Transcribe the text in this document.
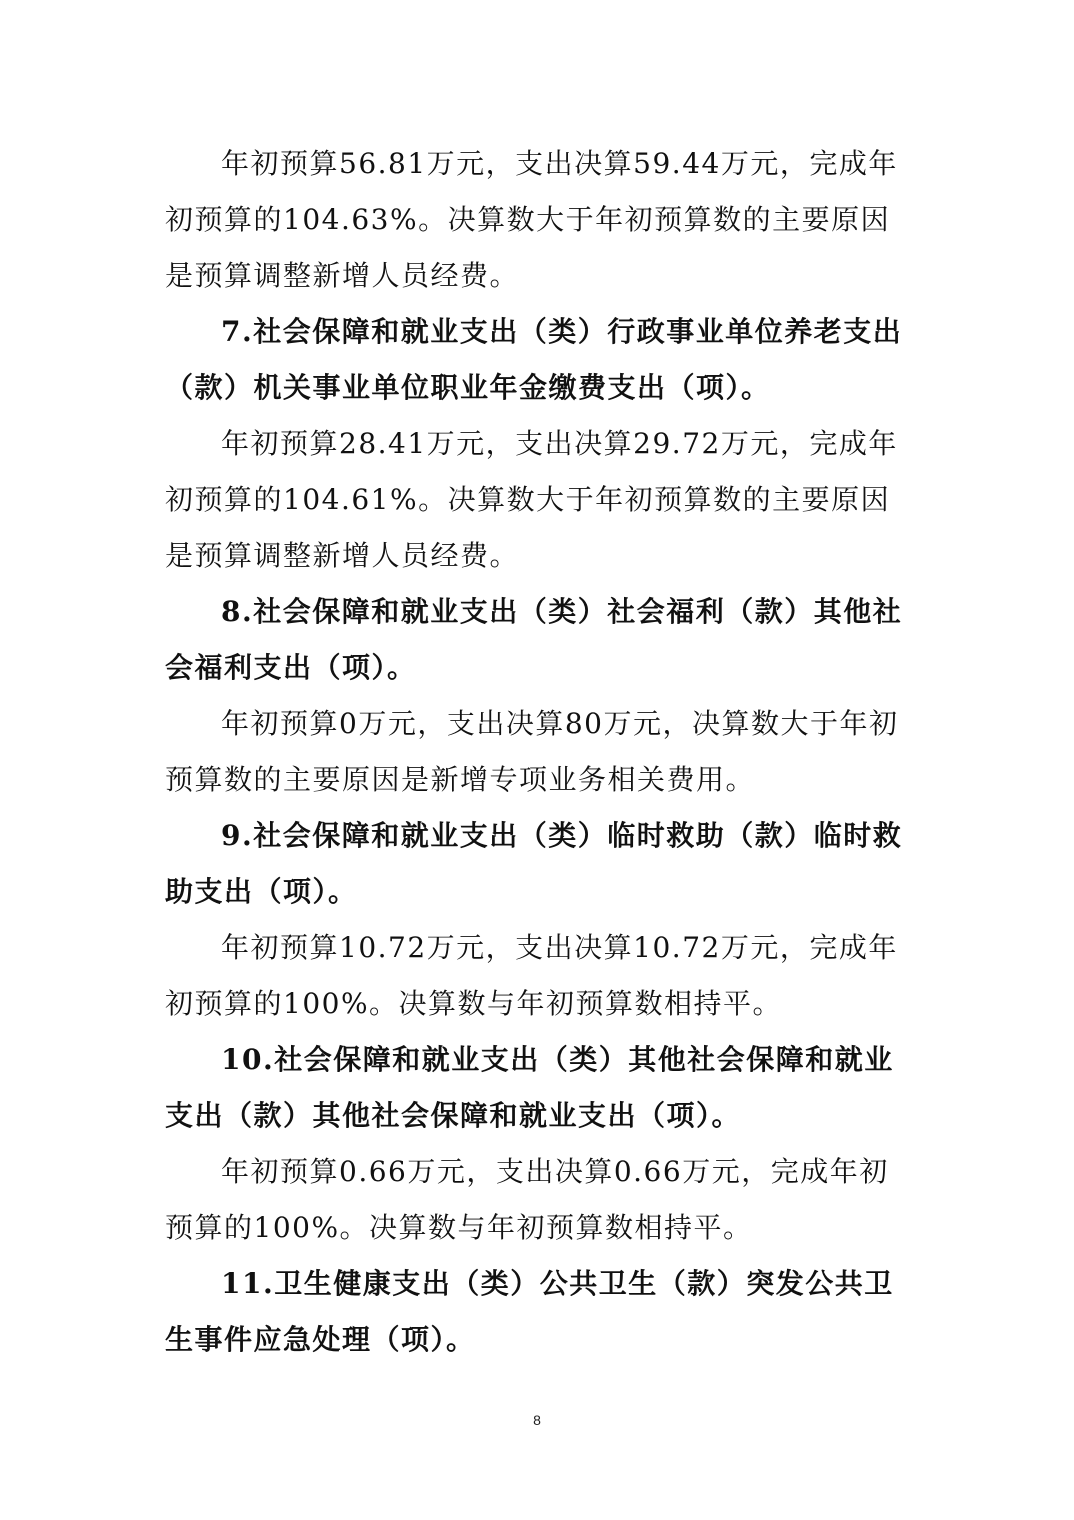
年初预算56.81万元，支出决算59.44万元，完成年初预算的104.63%。决算数大于年初预算数的主要原因是预算调整新增人员经费。

7.社会保障和就业支出（类）行政事业单位养老支出（款）机关事业单位职业年金缴费支出（项）。

年初预算28.41万元，支出决算29.72万元，完成年初预算的104.61%。决算数大于年初预算数的主要原因是预算调整新增人员经费。

8.社会保障和就业支出（类）社会福利（款）其他社会福利支出（项）。

年初预算0万元，支出决算80万元，决算数大于年初预算数的主要原因是新增专项业务相关费用。

9.社会保障和就业支出（类）临时救助（款）临时救助支出（项）。

年初预算10.72万元，支出决算10.72万元，完成年初预算的100%。决算数与年初预算数相持平。

10.社会保障和就业支出（类）其他社会保障和就业支出（款）其他社会保障和就业支出（项）。

年初预算0.66万元，支出决算0.66万元，完成年初预算的100%。决算数与年初预算数相持平。

11.卫生健康支出（类）公共卫生（款）突发公共卫生事件应急处理（项）。

8
